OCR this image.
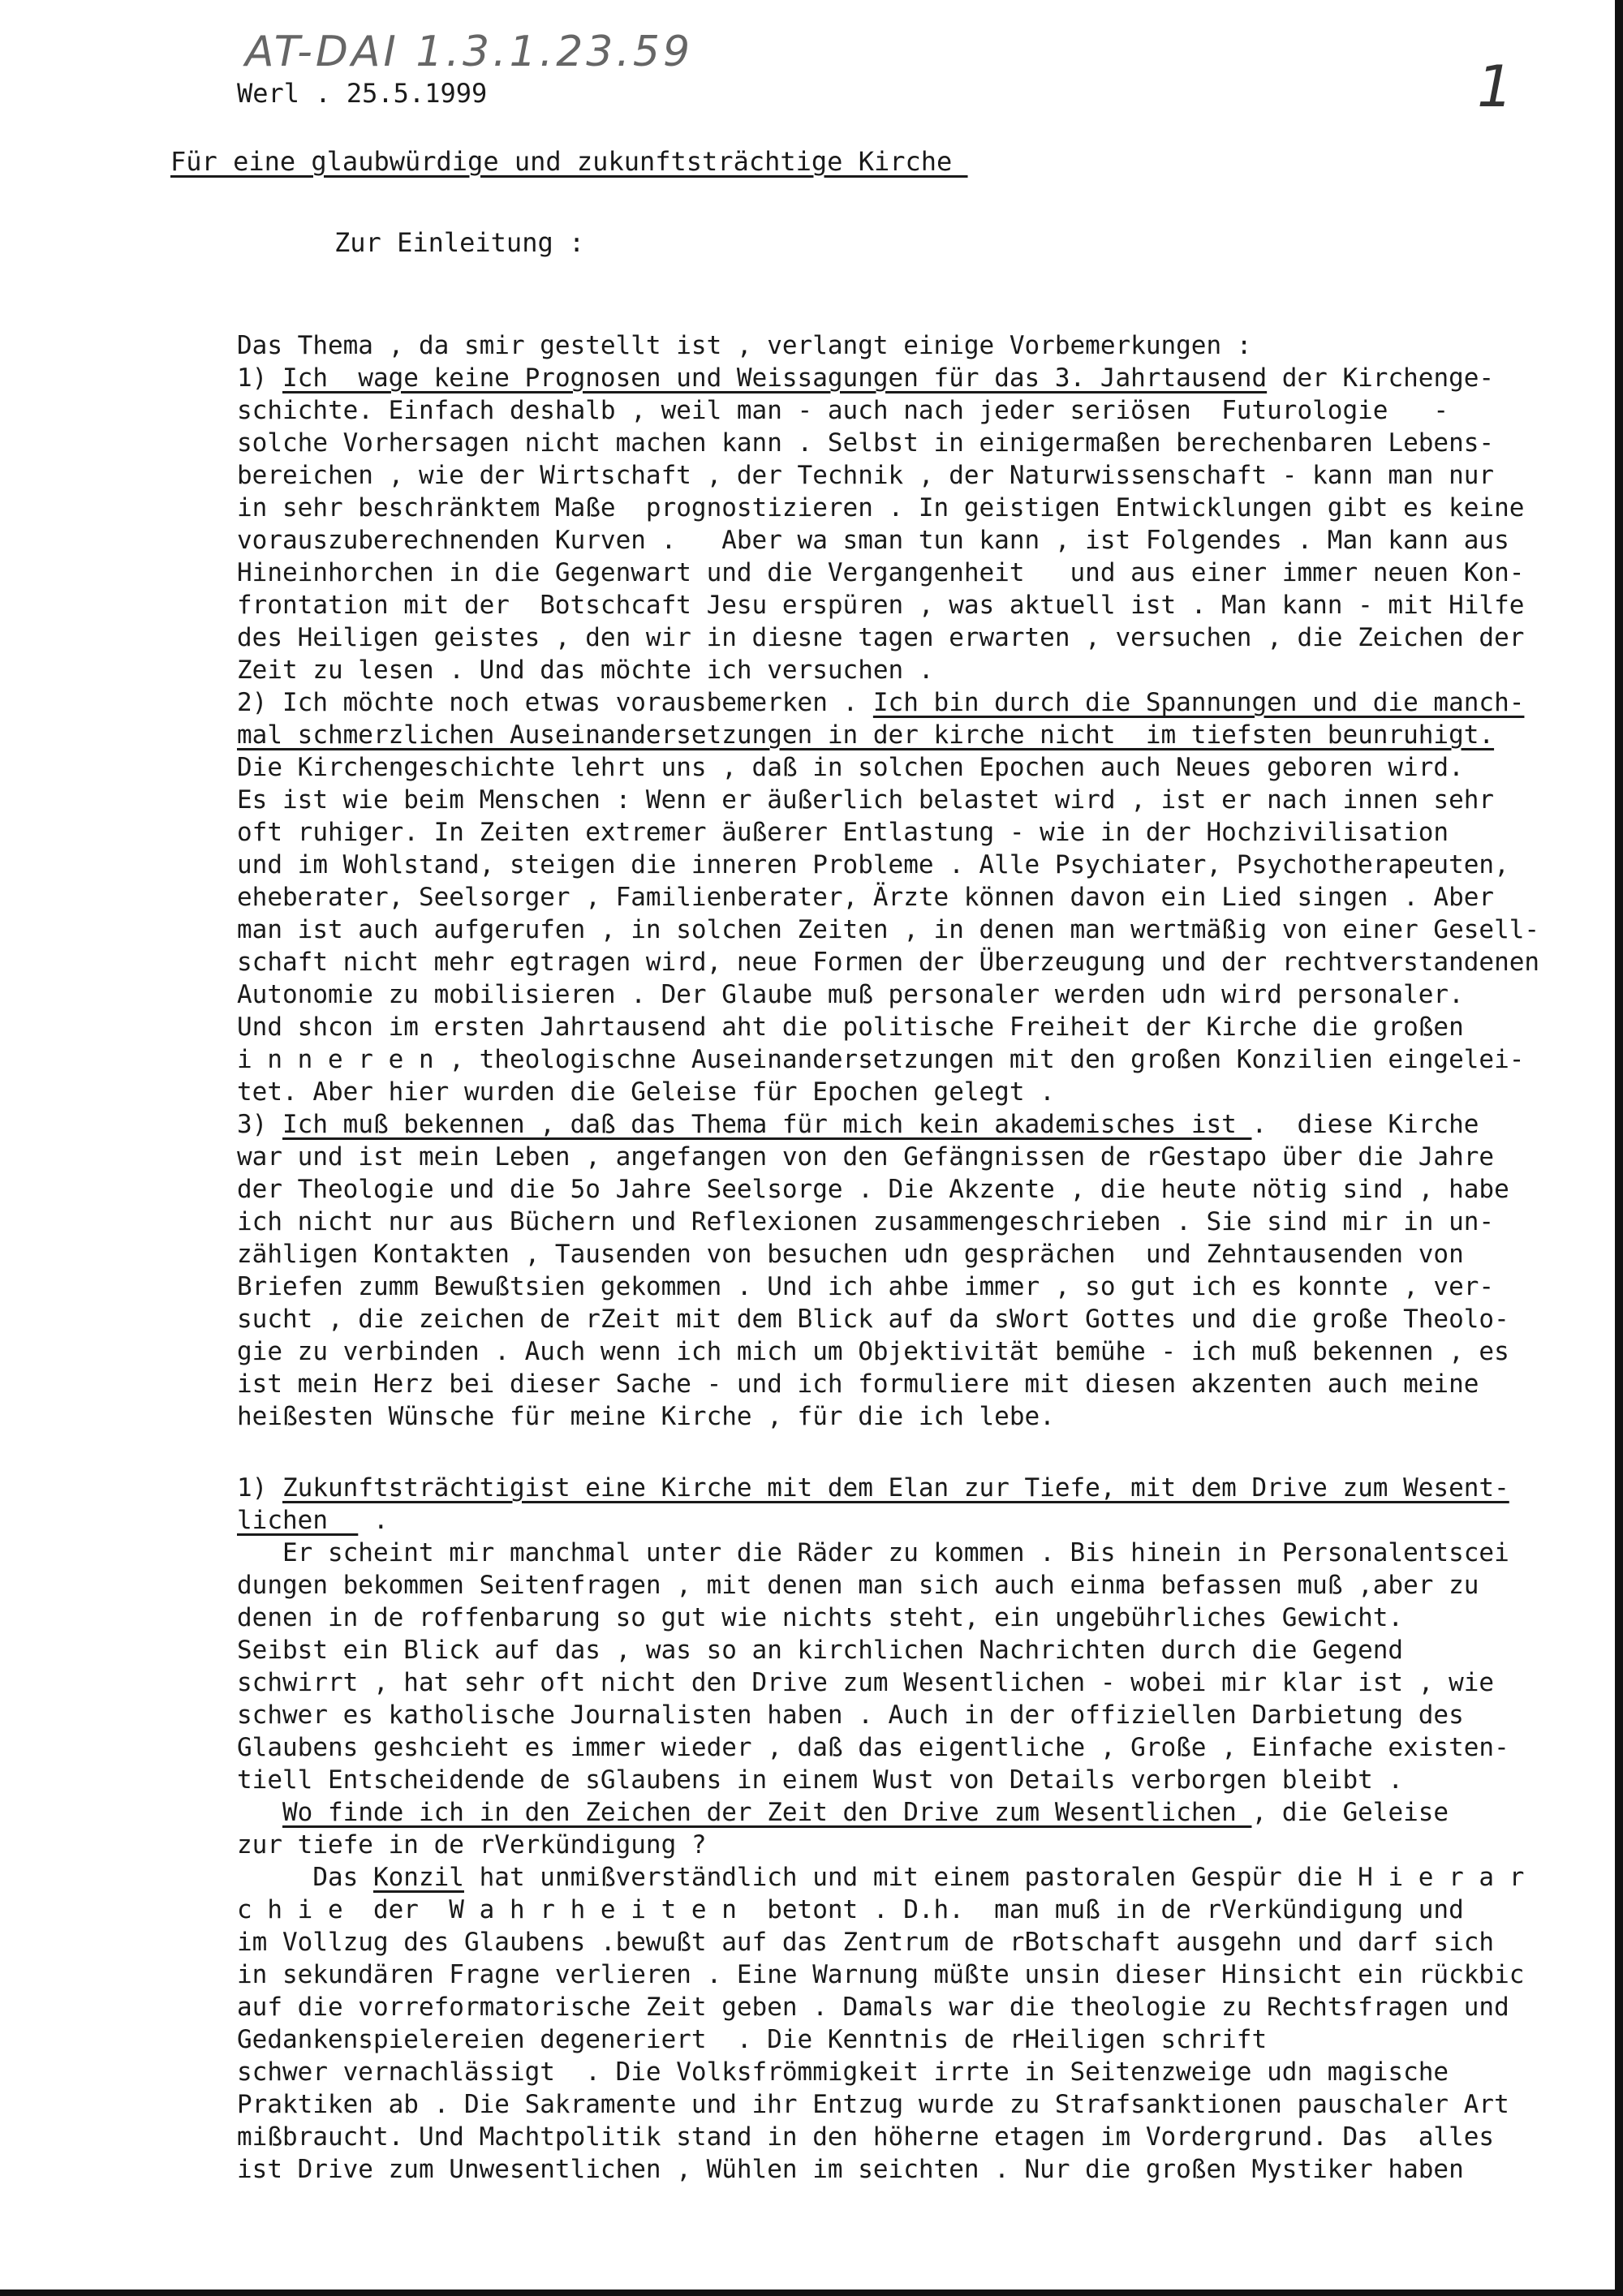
AT-DAI 1.3.1.23.59
1
Werl . 25.5.1999
Für eine glaubwürdige und zukunftsträchtige Kirche
Zur Einleitung :
Das Thema , da smir gestellt ist , verlangt einige Vorbemerkungen :
1) Ich  wage keine Prognosen und Weissagungen für das 3. Jahrtausend der Kirchenge-
schichte. Einfach deshalb , weil man - auch nach jeder seriösen  Futurologie   -
solche Vorhersagen nicht machen kann . Selbst in einigermaßen berechenbaren Lebens-
bereichen , wie der Wirtschaft , der Technik , der Naturwissenschaft - kann man nur
in sehr beschränktem Maße  prognostizieren . In geistigen Entwicklungen gibt es keine
vorauszuberechnenden Kurven .   Aber wa sman tun kann , ist Folgendes . Man kann aus
Hineinhorchen in die Gegenwart und die Vergangenheit   und aus einer immer neuen Kon-
frontation mit der  Botschcaft Jesu erspüren , was aktuell ist . Man kann - mit Hilfe
des Heiligen geistes , den wir in diesne tagen erwarten , versuchen , die Zeichen der
Zeit zu lesen . Und das möchte ich versuchen .
2) Ich möchte noch etwas vorausbemerken . Ich bin durch die Spannungen und die manch-
mal schmerzlichen Auseinandersetzungen in der kirche nicht  im tiefsten beunruhigt.
Die Kirchengeschichte lehrt uns , daß in solchen Epochen auch Neues geboren wird.
Es ist wie beim Menschen : Wenn er äußerlich belastet wird , ist er nach innen sehr
oft ruhiger. In Zeiten extremer äußerer Entlastung - wie in der Hochzivilisation
und im Wohlstand, steigen die inneren Probleme . Alle Psychiater, Psychotherapeuten,
eheberater, Seelsorger , Familienberater, Ärzte können davon ein Lied singen . Aber
man ist auch aufgerufen , in solchen Zeiten , in denen man wertmäßig von einer Gesell-
schaft nicht mehr egtragen wird, neue Formen der Überzeugung und der rechtverstandenen
Autonomie zu mobilisieren . Der Glaube muß personaler werden udn wird personaler.
Und shcon im ersten Jahrtausend aht die politische Freiheit der Kirche die großen
i n n e r e n , theologischne Auseinandersetzungen mit den großen Konzilien eingelei-
tet. Aber hier wurden die Geleise für Epochen gelegt .
3) Ich muß bekennen , daß das Thema für mich kein akademisches ist .  diese Kirche
war und ist mein Leben , angefangen von den Gefängnissen de rGestapo über die Jahre
der Theologie und die 5o Jahre Seelsorge . Die Akzente , die heute nötig sind , habe
ich nicht nur aus Büchern und Reflexionen zusammengeschrieben . Sie sind mir in un-
zähligen Kontakten , Tausenden von besuchen udn gesprächen  und Zehntausenden von
Briefen zumm Bewußtsien gekommen . Und ich ahbe immer , so gut ich es konnte , ver-
sucht , die zeichen de rZeit mit dem Blick auf da sWort Gottes und die große Theolo-
gie zu verbinden . Auch wenn ich mich um Objektivität bemühe - ich muß bekennen , es
ist mein Herz bei dieser Sache - und ich formuliere mit diesen akzenten auch meine
heißesten Wünsche für meine Kirche , für die ich lebe.
1) Zukunftsträchtigist eine Kirche mit dem Elan zur Tiefe, mit dem Drive zum Wesent-
lichen   .
Er scheint mir manchmal unter die Räder zu kommen . Bis hinein in Personalentscei
dungen bekommen Seitenfragen , mit denen man sich auch einma befassen muß ,aber zu
denen in de roffenbarung so gut wie nichts steht, ein ungebührliches Gewicht.
Seibst ein Blick auf das , was so an kirchlichen Nachrichten durch die Gegend
schwirrt , hat sehr oft nicht den Drive zum Wesentlichen - wobei mir klar ist , wie
schwer es katholische Journalisten haben . Auch in der offiziellen Darbietung des
Glaubens geshcieht es immer wieder , daß das eigentliche , Große , Einfache existen-
tiell Entscheidende de sGlaubens in einem Wust von Details verborgen bleibt .
Wo finde ich in den Zeichen der Zeit den Drive zum Wesentlichen , die Geleise
zur tiefe in de rVerkündigung ?
Das Konzil hat unmißverständlich und mit einem pastoralen Gespür die H i e r a r
c h i e  der  W a h r h e i t e n  betont . D.h.  man muß in de rVerkündigung und
im Vollzug des Glaubens .bewußt auf das Zentrum de rBotschaft ausgehn und darf sich
in sekundären Fragne verlieren . Eine Warnung müßte unsin dieser Hinsicht ein rückbic
auf die vorreformatorische Zeit geben . Damals war die theologie zu Rechtsfragen und
Gedankenspielereien degeneriert  . Die Kenntnis de rHeiligen schrift
schwer vernachlässigt  . Die Volksfrömmigkeit irrte in Seitenzweige udn magische
Praktiken ab . Die Sakramente und ihr Entzug wurde zu Strafsanktionen pauschaler Art
mißbraucht. Und Machtpolitik stand in den höherne etagen im Vordergrund. Das  alles
ist Drive zum Unwesentlichen , Wühlen im seichten . Nur die großen Mystiker haben
